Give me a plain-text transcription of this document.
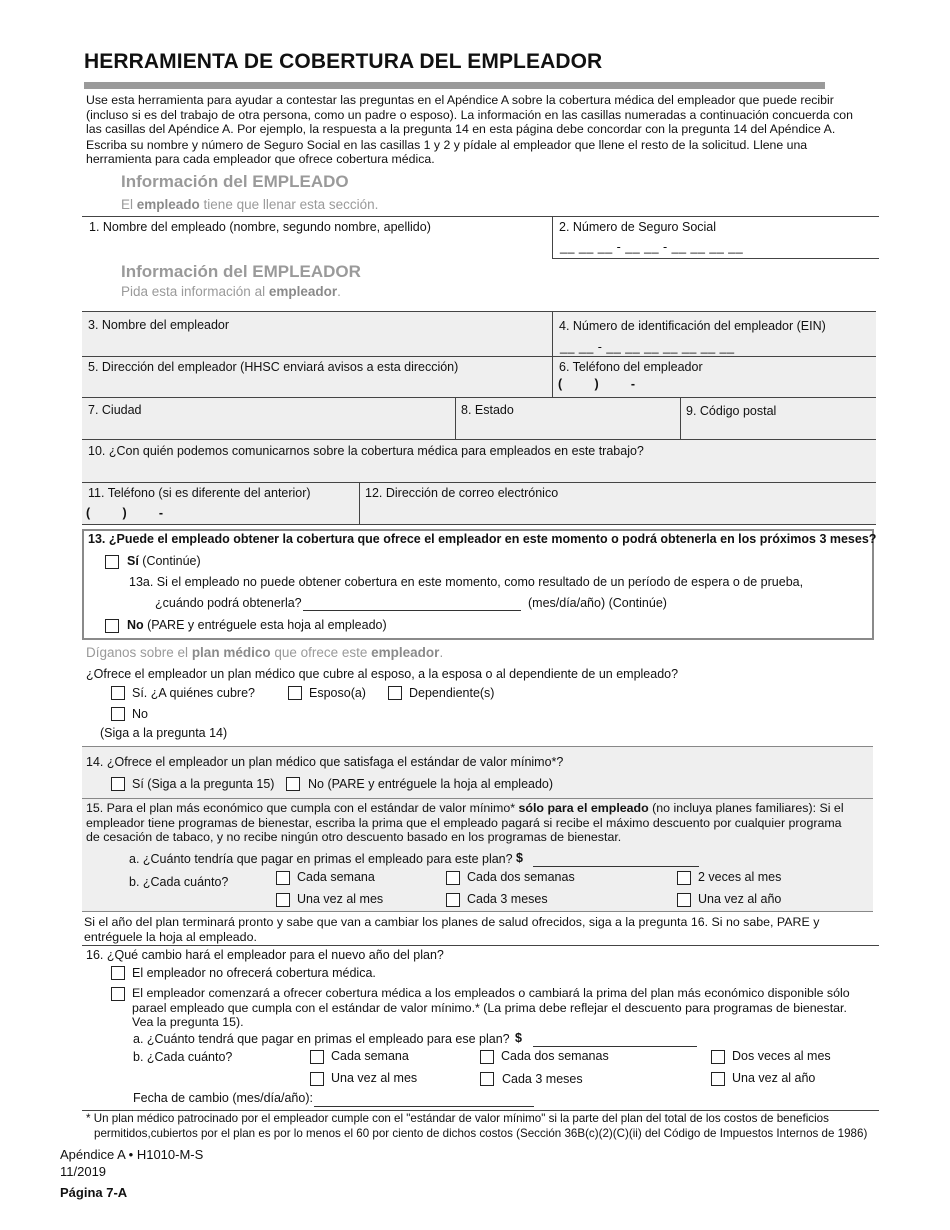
HERRAMIENTA DE COBERTURA DEL EMPLEADOR
Use esta herramienta para ayudar a contestar las preguntas en el Apéndice A sobre la cobertura médica del empleador que puede recibir (incluso si es del trabajo de otra persona, como un padre o esposo). La información en las casillas numeradas a continuación concuerda con las casillas del Apéndice A. Por ejemplo, la respuesta a la pregunta 14 en esta página debe concordar con la pregunta 14 del Apéndice A.
Escriba su nombre y número de Seguro Social en las casillas 1 y 2 y pídale al empleador que llene el resto de la solicitud. Llene una herramienta para cada empleador que ofrece cobertura médica.
Información del EMPLEADO
El empleado tiene que llenar esta sección.
1. Nombre del empleado (nombre, segundo nombre, apellido)	2. Número de Seguro Social
__ __ __ - __ __ - __ __ __ __
Información del EMPLEADOR
Pida esta información al empleador.
3. Nombre del empleador	4. Número de identificación del empleador (EIN)
__ __ - __ __ __ __ __ __ __
5. Dirección del empleador (HHSC enviará avisos a esta dirección)	6. Teléfono del empleador
(        )        -
7. Ciudad	8. Estado	9. Código postal
10. ¿Con quién podemos comunicarnos sobre la cobertura médica para empleados en este trabajo?
11. Teléfono (si es diferente del anterior)
(        )        -
12. Dirección de correo electrónico
13. ¿Puede el empleado obtener la cobertura que ofrece el empleador en este momento o podrá obtenerla en los próximos 3 meses?
Sí (Continúe)
13a. Si el empleado no puede obtener cobertura en este momento, como resultado de un período de espera o de prueba,
¿cuándo podrá obtenerla?	(mes/día/año) (Continúe)
No (PARE y entréguele esta hoja al empleado)
Díganos sobre el plan médico que ofrece este empleador.
¿Ofrece el empleador un plan médico que cubre al esposo, a la esposa o al dependiente de un empleado?
Sí. ¿A quiénes cubre?	Esposo(a)	Dependiente(s)
No
(Siga a la pregunta 14)
14. ¿Ofrece el empleador un plan médico que satisfaga el estándar de valor mínimo*?
Sí (Siga a la pregunta 15)	No (PARE y entréguele la hoja al empleado)
15. Para el plan más económico que cumpla con el estándar de valor mínimo* sólo para el empleado (no incluya planes familiares): Si el empleador tiene programas de bienestar, escriba la prima que el empleado pagará si recibe el máximo descuento por cualquier programa de cesación de tabaco, y no recibe ningún otro descuento basado en los programas de bienestar.
a. ¿Cuánto tendría que pagar en primas el empleado para este plan? $
b. ¿Cada cuánto?	Cada semana	Cada dos semanas	2 veces al mes
Una vez al mes	Cada 3 meses	Una vez al año
Si el año del plan terminará pronto y sabe que van a cambiar los planes de salud ofrecidos, siga a la pregunta 16. Si no sabe, PARE y entréguele la hoja al empleado.
16. ¿Qué cambio hará el empleador para el nuevo año del plan?
El empleador no ofrecerá cobertura médica.
El empleador comenzará a ofrecer cobertura médica a los empleados o cambiará la prima del plan más económico disponible sólo parael empleado que cumpla con el estándar de valor mínimo.* (La prima debe reflejar el descuento para programas de bienestar. Vea la pregunta 15).
a. ¿Cuánto tendrá que pagar en primas el empleado para ese plan? $
b. ¿Cada cuánto?	Cada semana	Cada dos semanas	Dos veces al mes
Una vez al mes	Cada 3 meses	Una vez al año
Fecha de cambio (mes/día/año):
* Un plan médico patrocinado por el empleador cumple con el "estándar de valor mínimo" si la parte del plan del total de los costos de beneficios permitidos,cubiertos por el plan es por lo menos el 60 por ciento de dichos costos (Sección 36B(c)(2)(C)(ii) del Código de Impuestos Internos de 1986)
Apéndice A • H1010-M-S
11/2019
Página 7-A
